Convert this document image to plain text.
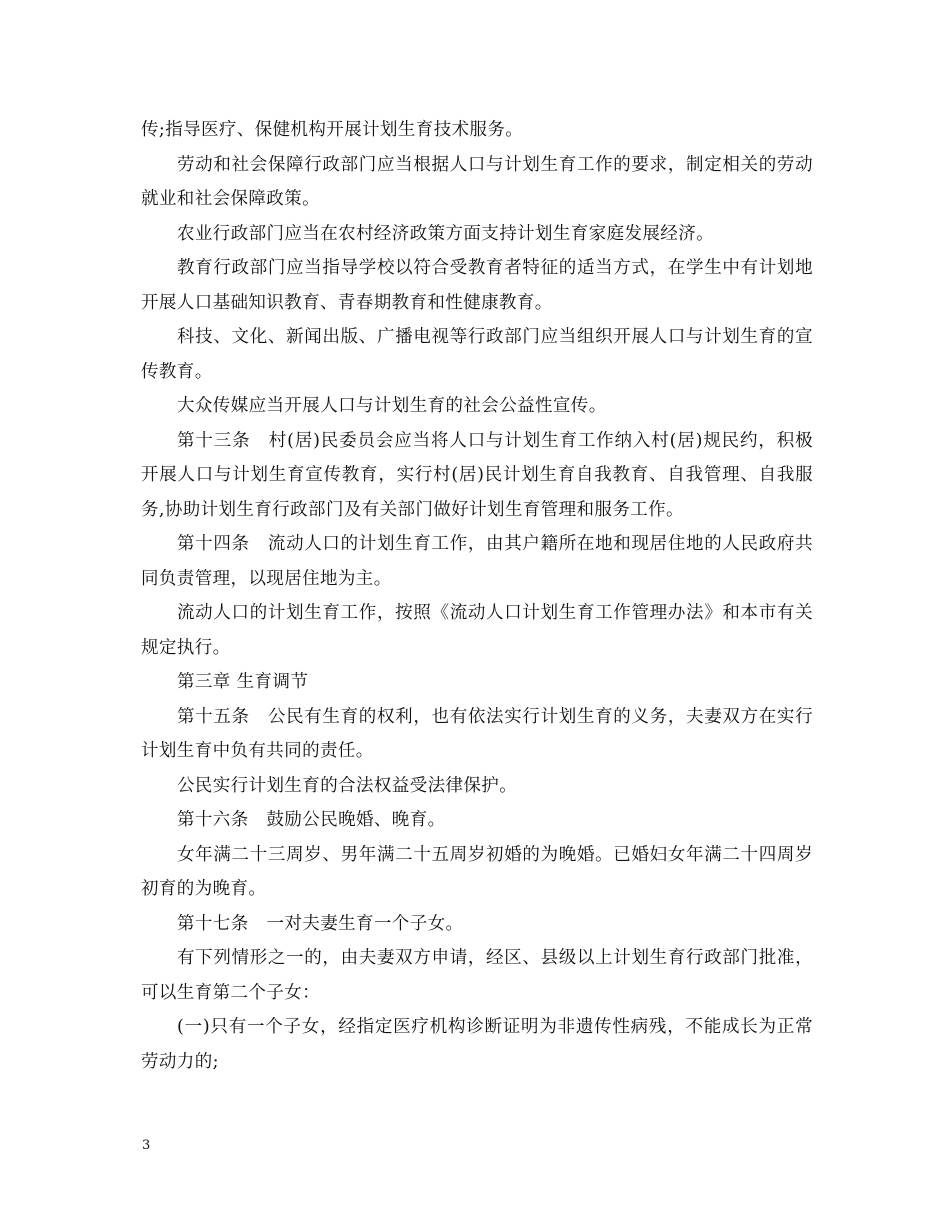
传;指导医疗、保健机构开展计划生育技术服务。

劳动和社会保障行政部门应当根据人口与计划生育工作的要求，制定相关的劳动就业和社会保障政策。

农业行政部门应当在农村经济政策方面支持计划生育家庭发展经济。

教育行政部门应当指导学校以符合受教育者特征的适当方式，在学生中有计划地开展人口基础知识教育、青春期教育和性健康教育。

科技、文化、新闻出版、广播电视等行政部门应当组织开展人口与计划生育的宣传教育。

大众传媒应当开展人口与计划生育的社会公益性宣传。

第十三条　村(居)民委员会应当将人口与计划生育工作纳入村(居)规民约，积极开展人口与计划生育宣传教育，实行村(居)民计划生育自我教育、自我管理、自我服务,协助计划生育行政部门及有关部门做好计划生育管理和服务工作。

第十四条　流动人口的计划生育工作，由其户籍所在地和现居住地的人民政府共同负责管理，以现居住地为主。

流动人口的计划生育工作，按照《流动人口计划生育工作管理办法》和本市有关规定执行。

第三章 生育调节

第十五条　公民有生育的权利，也有依法实行计划生育的义务，夫妻双方在实行计划生育中负有共同的责任。

公民实行计划生育的合法权益受法律保护。

第十六条　鼓励公民晚婚、晚育。

女年满二十三周岁、男年满二十五周岁初婚的为晚婚。已婚妇女年满二十四周岁初育的为晚育。

第十七条　一对夫妻生育一个子女。

有下列情形之一的，由夫妻双方申请，经区、县级以上计划生育行政部门批准，可以生育第二个子女：

(一)只有一个子女，经指定医疗机构诊断证明为非遗传性病残，不能成长为正常劳动力的;

3
